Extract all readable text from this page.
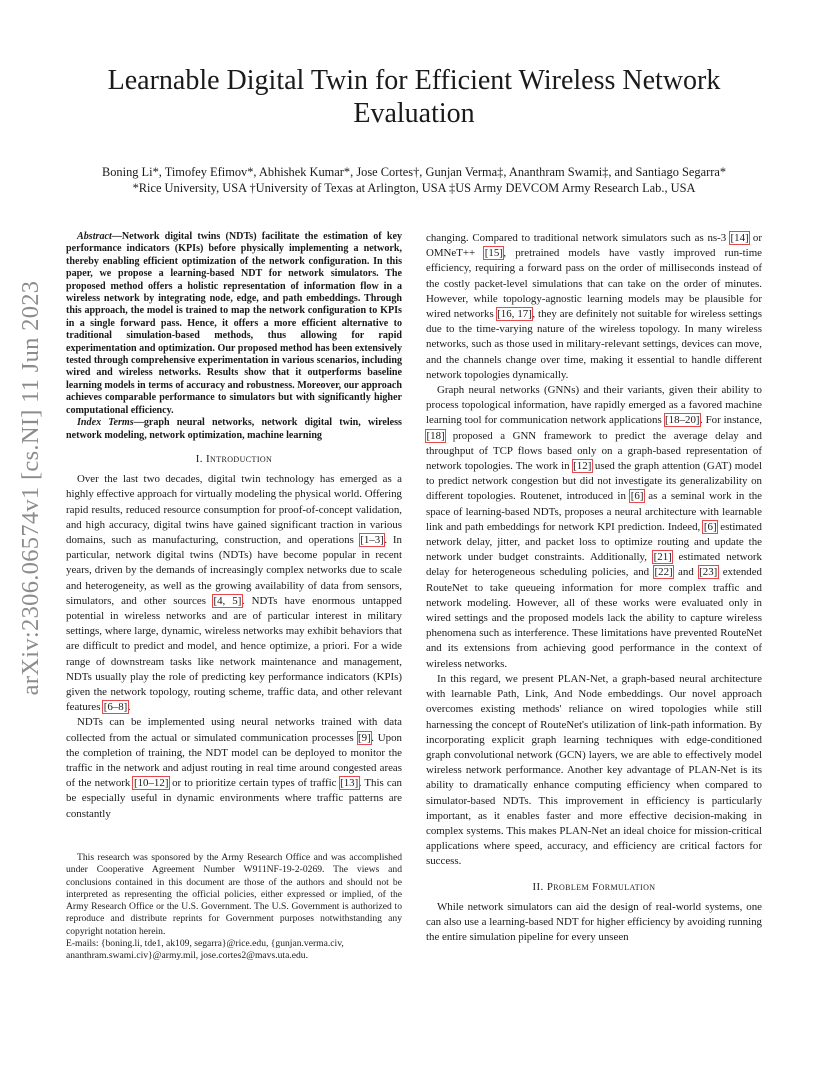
arXiv:2306.06574v1 [cs.NI] 11 Jun 2023
Learnable Digital Twin for Efficient Wireless Network Evaluation
Boning Li*, Timofey Efimov*, Abhishek Kumar*, Jose Cortes†, Gunjan Verma‡, Ananthram Swami‡, and Santiago Segarra*
*Rice University, USA †University of Texas at Arlington, USA ‡US Army DEVCOM Army Research Lab., USA

Abstract—Network digital twins (NDTs) facilitate the estimation of key performance indicators (KPIs) before physically implementing a network, thereby enabling efficient optimization of the network configuration. In this paper, we propose a learning-based NDT for network simulators. The proposed method offers a holistic representation of information flow in a wireless network by integrating node, edge, and path embeddings. Through this approach, the model is trained to map the network configuration to KPIs in a single forward pass. Hence, it offers a more efficient alternative to traditional simulation-based methods, thus allowing for rapid experimentation and optimization. Our proposed method has been extensively tested through comprehensive experimentation in various scenarios, including wired and wireless networks. Results show that it outperforms baseline learning models in terms of accuracy and robustness. Moreover, our approach achieves comparable performance to simulators but with significantly higher computational efficiency.

Index Terms—graph neural networks, network digital twin, wireless network modeling, network optimization, machine learning

I. Introduction

Over the last two decades, digital twin technology has emerged as a highly effective approach for virtually modeling the physical world. Offering rapid results, reduced resource consumption for proof-of-concept validation, and high accuracy, digital twins have gained significant traction in various domains, such as manufacturing, construction, and operations [1–3]. In particular, network digital twins (NDTs) have become popular in recent years, driven by the demands of increasingly complex networks due to scale and heterogeneity, as well as the growing availability of data from sensors, simulators, and other sources [4, 5]. NDTs have enormous untapped potential in wireless networks and are of particular interest in military settings, where large, dynamic, wireless networks may exhibit behaviors that are difficult to predict and model, and hence optimize, a priori. For a wide range of downstream tasks like network maintenance and management, NDTs usually play the role of predicting key performance indicators (KPIs) given the network topology, routing scheme, traffic data, and other relevant features [6–8].

NDTs can be implemented using neural networks trained with data collected from the actual or simulated communication processes [9]. Upon the completion of training, the NDT model can be deployed to monitor the traffic in the network and adjust routing in real time around congested areas of the network [10–12] or to prioritize certain types of traffic [13]. This can be especially useful in dynamic environments where traffic patterns are constantly

This research was sponsored by the Army Research Office and was accomplished under Cooperative Agreement Number W911NF-19-2-0269. The views and conclusions contained in this document are those of the authors and should not be interpreted as representing the official policies, either expressed or implied, of the Army Research Office or the U.S. Government. The U.S. Government is authorized to reproduce and distribute reprints for Government purposes notwithstanding any copyright notation herein.

E-mails: {boning.li, tde1, ak109, segarra}@rice.edu, {gunjan.verma.civ, ananthram.swami.civ}@army.mil, jose.cortes2@mavs.uta.edu.

changing. Compared to traditional network simulators such as ns-3 [14] or OMNeT++ [15], pretrained models have vastly improved run-time efficiency, requiring a forward pass on the order of milliseconds instead of the costly packet-level simulations that can take on the order of minutes. However, while topology-agnostic learning models may be plausible for wired networks [16, 17], they are definitely not suitable for wireless settings due to the time-varying nature of the wireless topology. In many wireless networks, such as those used in military-relevant settings, devices can move, and the channels change over time, making it essential to handle different network topologies dynamically.

Graph neural networks (GNNs) and their variants, given their ability to process topological information, have rapidly emerged as a favored machine learning tool for communication network applications [18–20]. For instance, [18] proposed a GNN framework to predict the average delay and throughput of TCP flows based only on a graph-based representation of network topologies. The work in [12] used the graph attention (GAT) model to predict network congestion but did not investigate its generalizability on different topologies. Routenet, introduced in [6] as a seminal work in the space of learning-based NDTs, proposes a neural architecture with learnable link and path embeddings for network KPI prediction. Indeed, [6] estimated network delay, jitter, and packet loss to optimize routing and update the network under budget constraints. Additionally, [21] estimated network delay for heterogeneous scheduling policies, and [22] and [23] extended RouteNet to take queueing information for more complex traffic and network modeling. However, all of these works were evaluated only in wired settings and the proposed models lack the ability to capture wireless phenomena such as interference. These limitations have prevented RouteNet and its extensions from achieving good performance in the context of wireless networks.

In this regard, we present PLAN-Net, a graph-based neural architecture with learnable Path, Link, And Node embeddings. Our novel approach overcomes existing methods' reliance on wired topologies while still harnessing the concept of RouteNet's utilization of link-path information. By incorporating explicit graph learning techniques with edge-conditioned graph convolutional network (GCN) layers, we are able to effectively model wireless network performance. Another key advantage of PLAN-Net is its ability to dramatically enhance computing efficiency when compared to simulator-based NDTs. This improvement in efficiency is particularly important, as it enables faster and more effective decision-making in complex systems. This makes PLAN-Net an ideal choice for mission-critical applications where speed, accuracy, and efficiency are critical factors for success.

II. Problem Formulation

While network simulators can aid the design of real-world systems, one can also use a learning-based NDT for higher efficiency by avoiding running the entire simulation pipeline for every unseen
